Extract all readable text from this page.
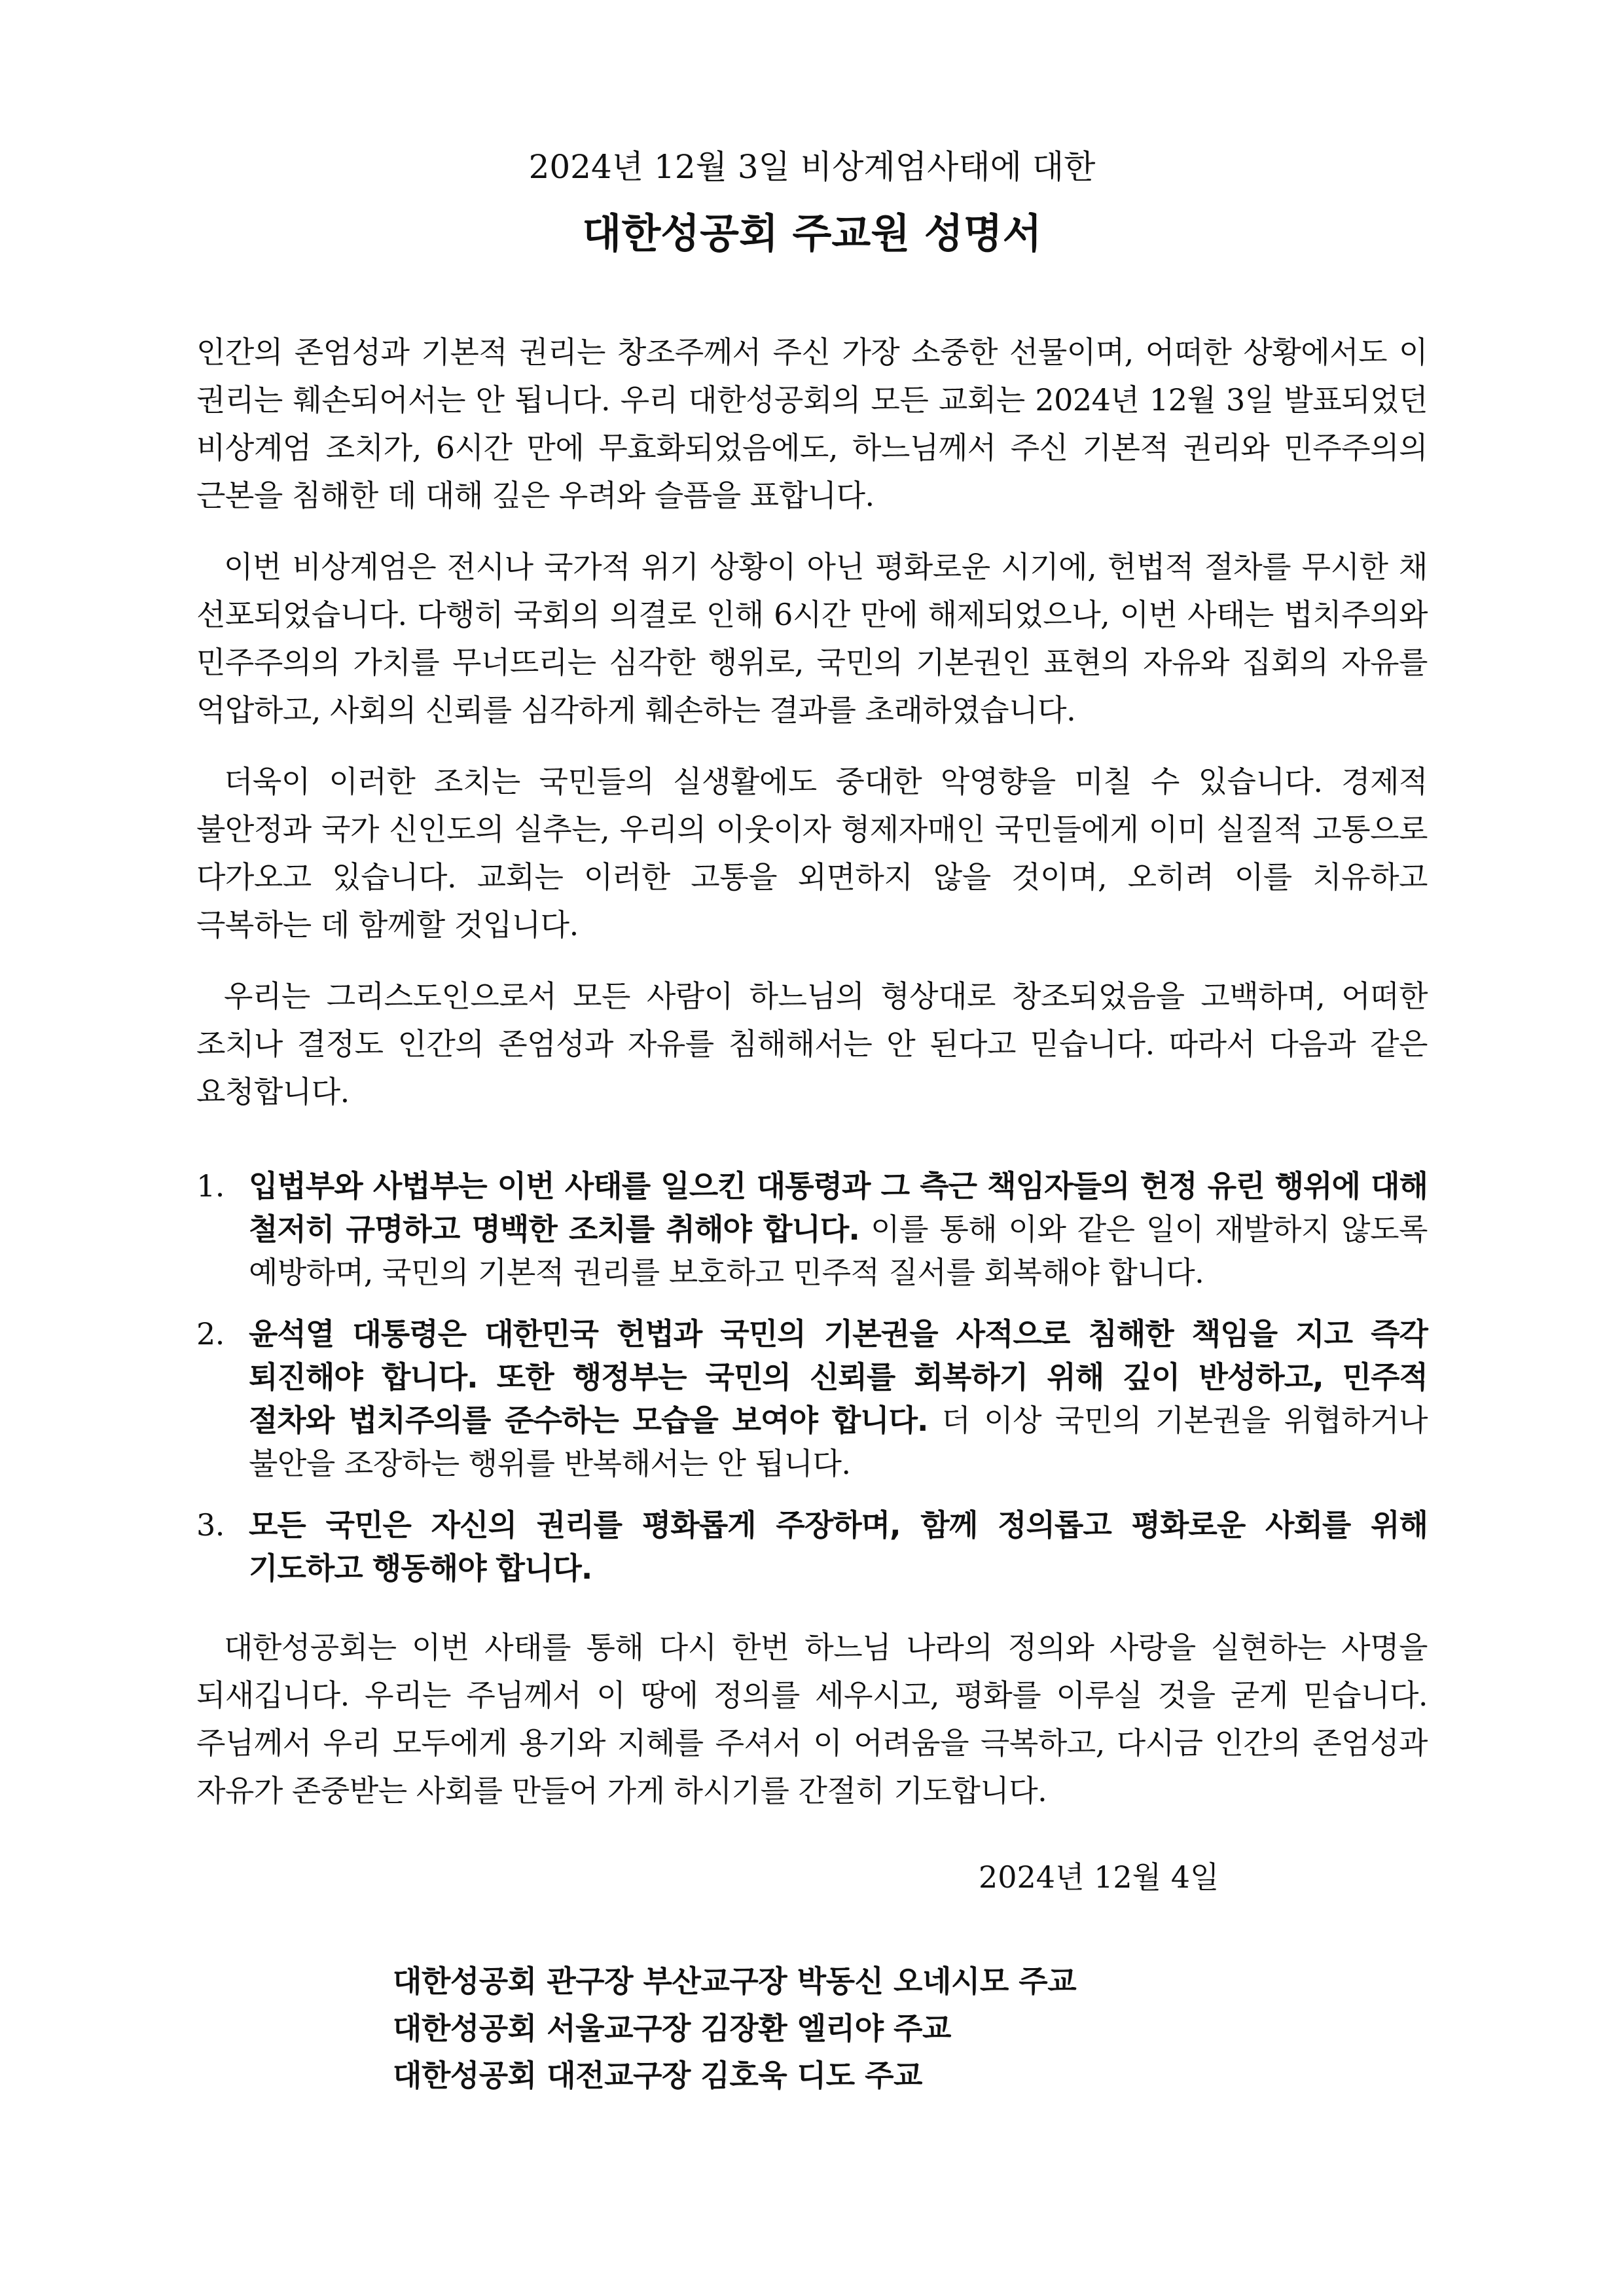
2024년 12월 3일 비상계엄사태에 대한

대한성공회 주교원 성명서

인간의 존엄성과 기본적 권리는 창조주께서 주신 가장 소중한 선물이며, 어떠한 상황에서도 이 권리는 훼손되어서는 안 됩니다. 우리 대한성공회의 모든 교회는 2024년 12월 3일 발표되었던 비상계엄 조치가, 6시간 만에 무효화되었음에도, 하느님께서 주신 기본적 권리와 민주주의의 근본을 침해한 데 대해 깊은 우려와 슬픔을 표합니다.

이번 비상계엄은 전시나 국가적 위기 상황이 아닌 평화로운 시기에, 헌법적 절차를 무시한 채 선포되었습니다. 다행히 국회의 의결로 인해 6시간 만에 해제되었으나, 이번 사태는 법치주의와 민주주의의 가치를 무너뜨리는 심각한 행위로, 국민의 기본권인 표현의 자유와 집회의 자유를 억압하고, 사회의 신뢰를 심각하게 훼손하는 결과를 초래하였습니다.

더욱이 이러한 조치는 국민들의 실생활에도 중대한 악영향을 미칠 수 있습니다. 경제적 불안정과 국가 신인도의 실추는, 우리의 이웃이자 형제자매인 국민들에게 이미 실질적 고통으로 다가오고 있습니다. 교회는 이러한 고통을 외면하지 않을 것이며, 오히려 이를 치유하고 극복하는 데 함께할 것입니다.

우리는 그리스도인으로서 모든 사람이 하느님의 형상대로 창조되었음을 고백하며, 어떠한 조치나 결정도 인간의 존엄성과 자유를 침해해서는 안 된다고 믿습니다. 따라서 다음과 같은 요청합니다.

1. 입법부와 사법부는 이번 사태를 일으킨 대통령과 그 측근 책임자들의 헌정 유린 행위에 대해 철저히 규명하고 명백한 조치를 취해야 합니다. 이를 통해 이와 같은 일이 재발하지 않도록 예방하며, 국민의 기본적 권리를 보호하고 민주적 질서를 회복해야 합니다.
2. 윤석열 대통령은 대한민국 헌법과 국민의 기본권을 사적으로 침해한 책임을 지고 즉각 퇴진해야 합니다. 또한 행정부는 국민의 신뢰를 회복하기 위해 깊이 반성하고, 민주적 절차와 법치주의를 준수하는 모습을 보여야 합니다. 더 이상 국민의 기본권을 위협하거나 불안을 조장하는 행위를 반복해서는 안 됩니다.
3. 모든 국민은 자신의 권리를 평화롭게 주장하며, 함께 정의롭고 평화로운 사회를 위해 기도하고 행동해야 합니다.

대한성공회는 이번 사태를 통해 다시 한번 하느님 나라의 정의와 사랑을 실현하는 사명을 되새깁니다. 우리는 주님께서 이 땅에 정의를 세우시고, 평화를 이루실 것을 굳게 믿습니다. 주님께서 우리 모두에게 용기와 지혜를 주셔서 이 어려움을 극복하고, 다시금 인간의 존엄성과 자유가 존중받는 사회를 만들어 가게 하시기를 간절히 기도합니다.

2024년 12월 4일

대한성공회 관구장 부산교구장 박동신 오네시모 주교

대한성공회 서울교구장 김장환 엘리야 주교

대한성공회 대전교구장 김호욱 디도 주교
